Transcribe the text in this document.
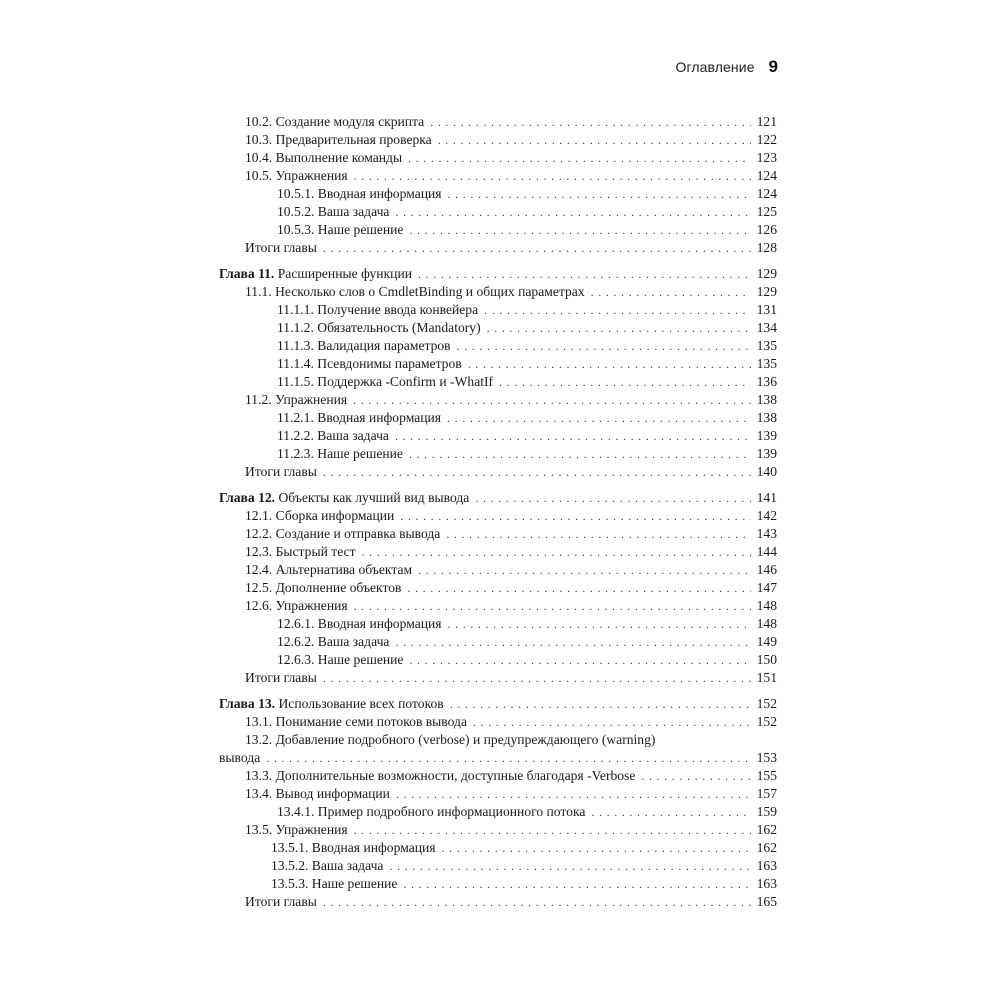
Оглавление 9
10.2. Создание модуля скрипта . . .	121
10.3. Предварительная проверка . . .	122
10.4. Выполнение команды . . .	123
10.5. Упражнения . . .	124
10.5.1. Вводная информация . . .	124
10.5.2. Ваша задача . . .	125
10.5.3. Наше решение . . .	126
Итоги главы . . .	128
Глава 11. Расширенные функции . . .	129
11.1. Несколько слов о CmdletBinding и общих параметрах . . .	129
11.1.1. Получение ввода конвейера . . .	131
11.1.2. Обязательность (Mandatory) . . .	134
11.1.3. Валидация параметров . . .	135
11.1.4. Псевдонимы параметров . . .	135
11.1.5. Поддержка -Confirm и -WhatIf . . .	136
11.2. Упражнения . . .	138
11.2.1. Вводная информация . . .	138
11.2.2. Ваша задача . . .	139
11.2.3. Наше решение . . .	139
Итоги главы . . .	140
Глава 12. Объекты как лучший вид вывода . . .	141
12.1. Сборка информации . . .	142
12.2. Создание и отправка вывода . . .	143
12.3. Быстрый тест . . .	144
12.4. Альтернатива объектам . . .	146
12.5. Дополнение объектов . . .	147
12.6. Упражнения . . .	148
12.6.1. Вводная информация . . .	148
12.6.2. Ваша задача . . .	149
12.6.3. Наше решение . . .	150
Итоги главы . . .	151
Глава 13. Использование всех потоков . . .	152
13.1. Понимание семи потоков вывода . . .	152
13.2. Добавление подробного (verbose) и предупреждающего (warning)
вывода . . .	153
13.3. Дополнительные возможности, доступные благодаря -Verbose . . .	155
13.4. Вывод информации . . .	157
13.4.1. Пример подробного информационного потока . . .	159
13.5. Упражнения . . .	162
13.5.1. Вводная информация . . .	162
13.5.2. Ваша задача . . .	163
13.5.3. Наше решение . . .	163
Итоги главы . . .	165
